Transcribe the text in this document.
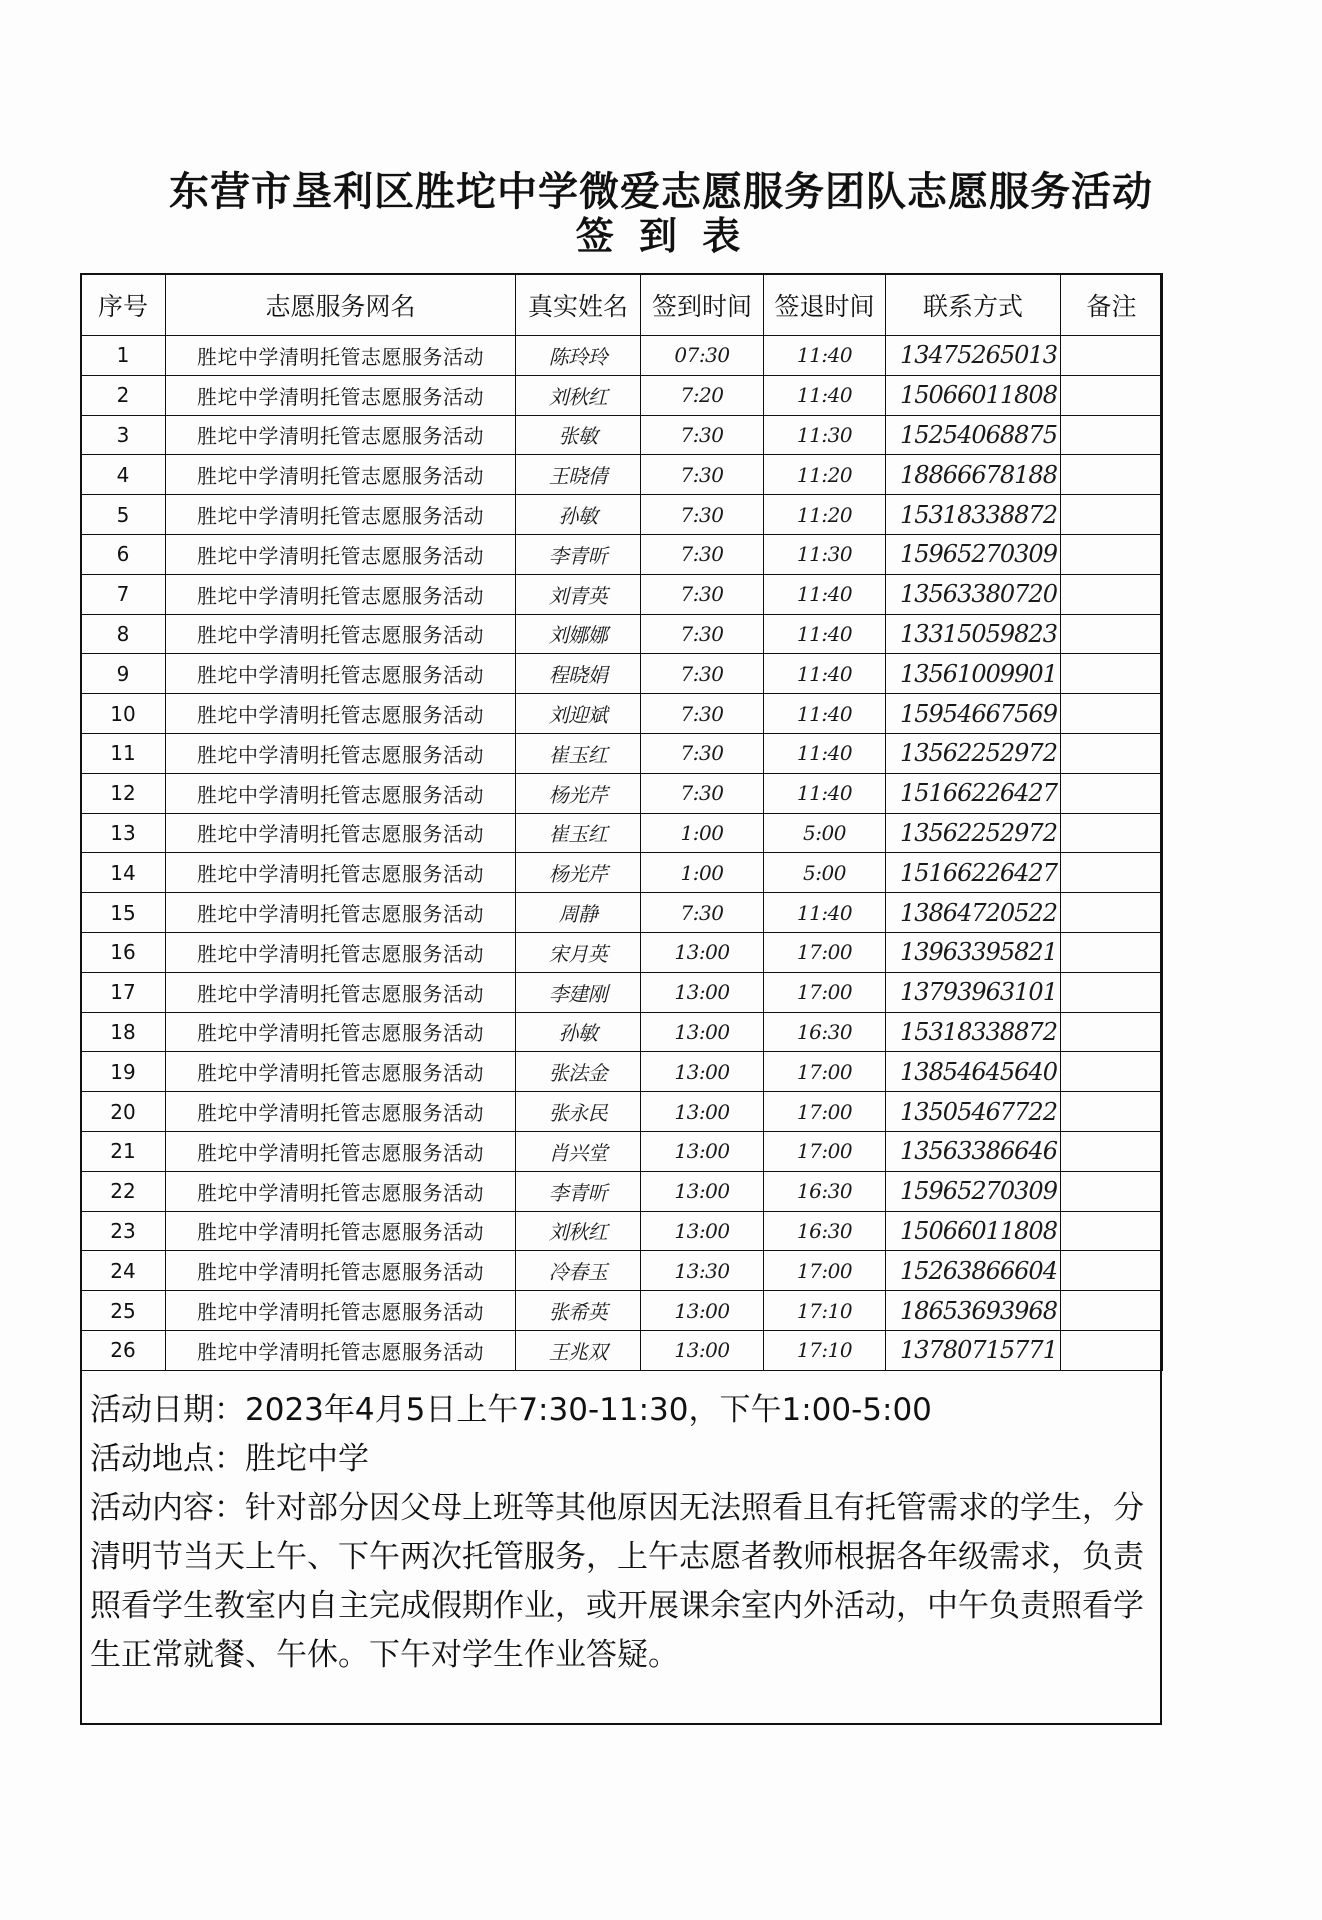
东营市垦利区胜坨中学微爱志愿服务团队志愿服务活动
签 到 表
序号	志愿服务网名	真实姓名	签到时间	签退时间	联系方式	备注
1	胜坨中学清明托管志愿服务活动	陈玲玲	07:30	11:40	13475265013	
2	胜坨中学清明托管志愿服务活动	刘秋红	7:20	11:40	15066011808	
3	胜坨中学清明托管志愿服务活动	张敏	7:30	11:30	15254068875	
4	胜坨中学清明托管志愿服务活动	王晓倩	7:30	11:20	18866678188	
5	胜坨中学清明托管志愿服务活动	孙敏	7:30	11:20	15318338872	
6	胜坨中学清明托管志愿服务活动	李青昕	7:30	11:30	15965270309	
7	胜坨中学清明托管志愿服务活动	刘青英	7:30	11:40	13563380720	
8	胜坨中学清明托管志愿服务活动	刘娜娜	7:30	11:40	13315059823	
9	胜坨中学清明托管志愿服务活动	程晓娟	7:30	11:40	13561009901	
10	胜坨中学清明托管志愿服务活动	刘迎斌	7:30	11:40	15954667569	
11	胜坨中学清明托管志愿服务活动	崔玉红	7:30	11:40	13562252972	
12	胜坨中学清明托管志愿服务活动	杨光芹	7:30	11:40	15166226427	
13	胜坨中学清明托管志愿服务活动	崔玉红	1:00	5:00	13562252972	
14	胜坨中学清明托管志愿服务活动	杨光芹	1:00	5:00	15166226427	
15	胜坨中学清明托管志愿服务活动	周静	7:30	11:40	13864720522	
16	胜坨中学清明托管志愿服务活动	宋月英	13:00	17:00	13963395821	
17	胜坨中学清明托管志愿服务活动	李建刚	13:00	17:00	13793963101	
18	胜坨中学清明托管志愿服务活动	孙敏	13:00	16:30	15318338872	
19	胜坨中学清明托管志愿服务活动	张法金	13:00	17:00	13854645640	
20	胜坨中学清明托管志愿服务活动	张永民	13:00	17:00	13505467722	
21	胜坨中学清明托管志愿服务活动	肖兴堂	13:00	17:00	13563386646	
22	胜坨中学清明托管志愿服务活动	李青昕	13:00	16:30	15965270309	
23	胜坨中学清明托管志愿服务活动	刘秋红	13:00	16:30	15066011808	
24	胜坨中学清明托管志愿服务活动	冷春玉	13:30	17:00	15263866604	
25	胜坨中学清明托管志愿服务活动	张希英	13:00	17:10	18653693968	
26	胜坨中学清明托管志愿服务活动	王兆双	13:00	17:10	13780715771	

活动日期：2023年4月5日上午7:30-11:30，下午1:00-5:00

活动地点：胜坨中学

活动内容：针对部分因父母上班等其他原因无法照看且有托管需求的学生，分清明节当天上午、下午两次托管服务，上午志愿者教师根据各年级需求，负责照看学生教室内自主完成假期作业，或开展课余室内外活动，中午负责照看学生正常就餐、午休。下午对学生作业答疑。
